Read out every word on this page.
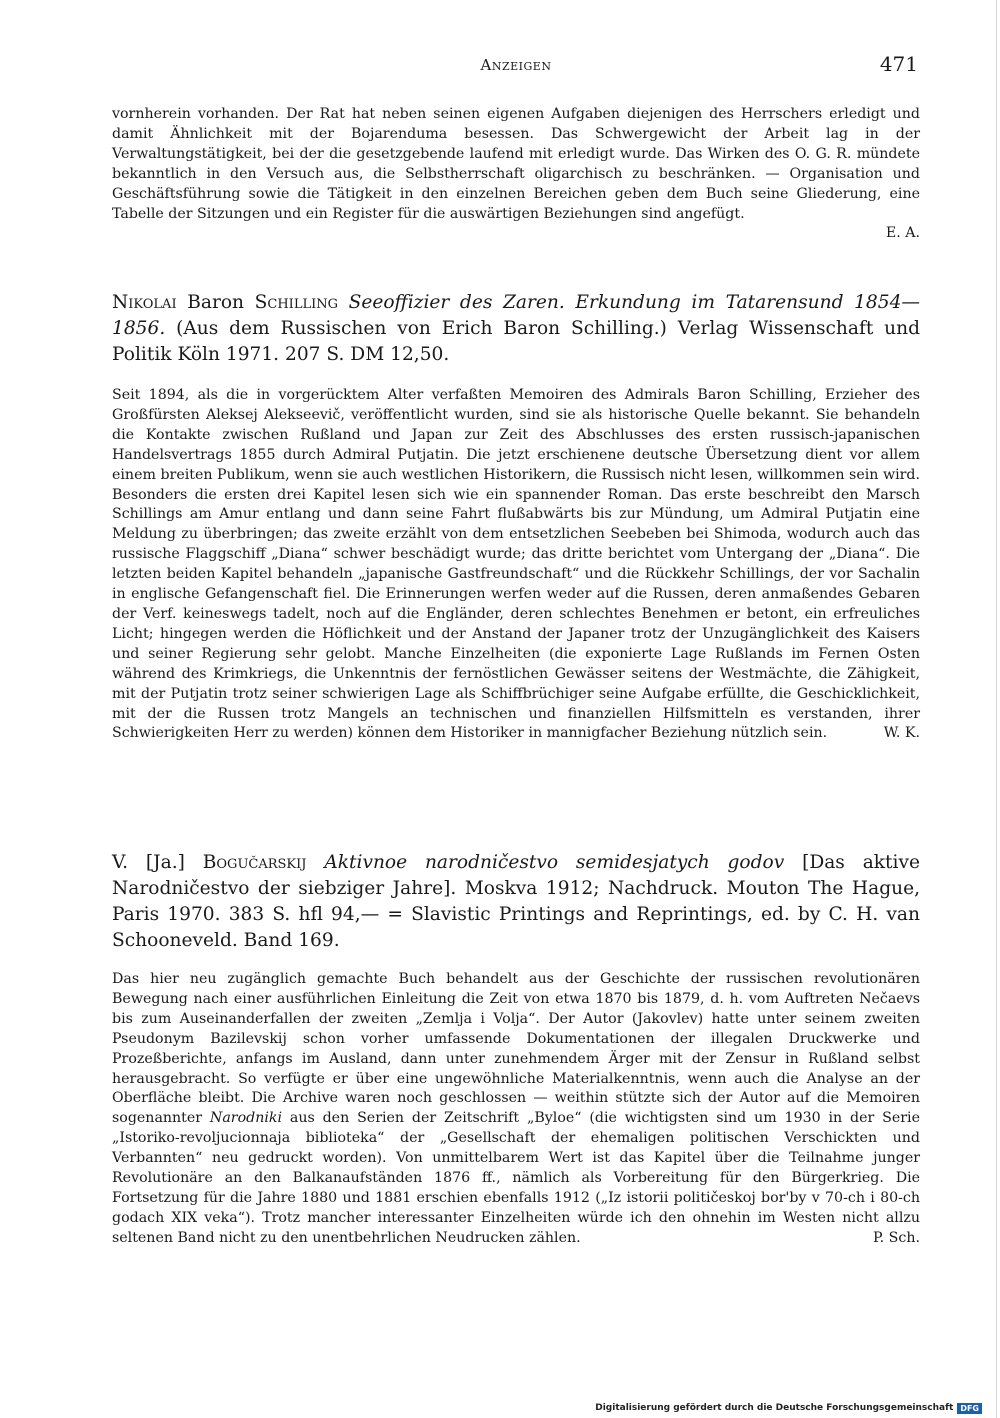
Anzeigen	471
vornherein vorhanden. Der Rat hat neben seinen eigenen Aufgaben diejenigen des Herrschers erledigt und damit Ähnlichkeit mit der Bojarenduma besessen. Das Schwergewicht der Arbeit lag in der Verwaltungstätigkeit, bei der die gesetzgebende laufend mit erledigt wurde. Das Wirken des O. G. R. mündete bekanntlich in den Versuch aus, die Selbstherrschaft oligarchisch zu beschränken. — Organisation und Geschäftsführung sowie die Tätigkeit in den einzelnen Bereichen geben dem Buch seine Gliederung, eine Tabelle der Sitzungen und ein Register für die auswärtigen Beziehungen sind angefügt.
E. A.
Nikolai Baron Schilling Seeoffizier des Zaren. Erkundung im Tatarensund 1854—1856. (Aus dem Russischen von Erich Baron Schilling.) Verlag Wissenschaft und Politik Köln 1971. 207 S. DM 12,50.
Seit 1894, als die in vorgerücktem Alter verfaßten Memoiren des Admirals Baron Schilling, Erzieher des Großfürsten Aleksej Alekseevič, veröffentlicht wurden, sind sie als historische Quelle bekannt. Sie behandeln die Kontakte zwischen Rußland und Japan zur Zeit des Abschlusses des ersten russisch-japanischen Handelsvertrags 1855 durch Admiral Putjatin. Die jetzt erschienene deutsche Übersetzung dient vor allem einem breiten Publikum, wenn sie auch westlichen Historikern, die Russisch nicht lesen, willkommen sein wird. Besonders die ersten drei Kapitel lesen sich wie ein spannender Roman. Das erste beschreibt den Marsch Schillings am Amur entlang und dann seine Fahrt flußabwärts bis zur Mündung, um Admiral Putjatin eine Meldung zu überbringen; das zweite erzählt von dem entsetzlichen Seebeben bei Shimoda, wodurch auch das russische Flaggschiff „Diana“ schwer beschädigt wurde; das dritte berichtet vom Untergang der „Diana“. Die letzten beiden Kapitel behandeln „japanische Gastfreundschaft“ und die Rückkehr Schillings, der vor Sachalin in englische Gefangenschaft fiel. Die Erinnerungen werfen weder auf die Russen, deren anmaßendes Gebaren der Verf. keineswegs tadelt, noch auf die Engländer, deren schlechtes Benehmen er betont, ein erfreuliches Licht; hingegen werden die Höflichkeit und der Anstand der Japaner trotz der Unzugänglichkeit des Kaisers und seiner Regierung sehr gelobt. Manche Einzelheiten (die exponierte Lage Rußlands im Fernen Osten während des Krimkriegs, die Unkenntnis der fernöstlichen Gewässer seitens der Westmächte, die Zähigkeit, mit der Putjatin trotz seiner schwierigen Lage als Schiffbrüchiger seine Aufgabe erfüllte, die Geschicklichkeit, mit der die Russen trotz Mangels an technischen und finanziellen Hilfsmitteln es verstanden, ihrer Schwierigkeiten Herr zu werden) können dem Historiker in mannigfacher Beziehung nützlich sein.	W. K.
V. [Ja.] Bogučarskij Aktivnoe narodničestvo semidesjatych godov [Das aktive Narodničestvo der siebziger Jahre]. Moskva 1912; Nachdruck. Mouton The Hague, Paris 1970. 383 S. hfl 94,— = Slavistic Printings and Reprintings, ed. by C. H. van Schooneveld. Band 169.
Das hier neu zugänglich gemachte Buch behandelt aus der Geschichte der russischen revolutionären Bewegung nach einer ausführlichen Einleitung die Zeit von etwa 1870 bis 1879, d. h. vom Auftreten Nečaevs bis zum Auseinanderfallen der zweiten „Zemlja i Volja“. Der Autor (Jakovlev) hatte unter seinem zweiten Pseudonym Bazilevskij schon vorher umfassende Dokumentationen der illegalen Druckwerke und Prozeßberichte, anfangs im Ausland, dann unter zunehmendem Ärger mit der Zensur in Rußland selbst herausgebracht. So verfügte er über eine ungewöhnliche Materialkenntnis, wenn auch die Analyse an der Oberfläche bleibt. Die Archive waren noch geschlossen — weithin stützte sich der Autor auf die Memoiren sogenannter Narodniki aus den Serien der Zeitschrift „Byloe“ (die wichtigsten sind um 1930 in der Serie „Istoriko-revoljucionnaja biblioteka“ der „Gesellschaft der ehemaligen politischen Verschickten und Verbannten“ neu gedruckt worden). Von unmittelbarem Wert ist das Kapitel über die Teilnahme junger Revolutionäre an den Balkanaufständen 1876 ff., nämlich als Vorbereitung für den Bürgerkrieg. Die Fortsetzung für die Jahre 1880 und 1881 erschien ebenfalls 1912 („Iz istorii političeskoj bor'by v 70-ch i 80-ch godach XIX veka“). Trotz mancher interessanter Einzelheiten würde ich den ohnehin im Westen nicht allzu seltenen Band nicht zu den unentbehrlichen Neudrucken zählen.	P. Sch.
Digitalisierung gefördert durch die Deutsche Forschungsgemeinschaft DFG
